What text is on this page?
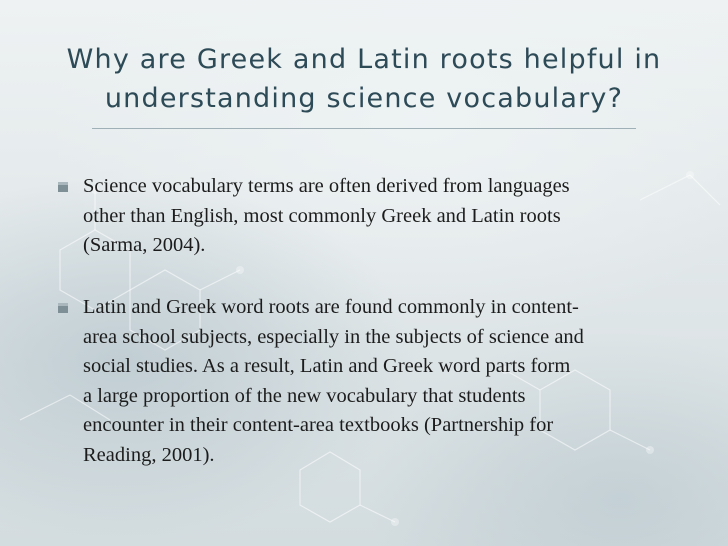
Why are Greek and Latin roots helpful in
understanding science vocabulary?
Science vocabulary terms are often derived from languages
other than English, most commonly Greek and Latin roots
(Sarma, 2004).
Latin and Greek word roots are found commonly in content-
area school subjects, especially in the subjects of science and
social studies. As a result, Latin and Greek word parts form
a large proportion of the new vocabulary that students
encounter in their content-area textbooks (Partnership for
Reading, 2001).
